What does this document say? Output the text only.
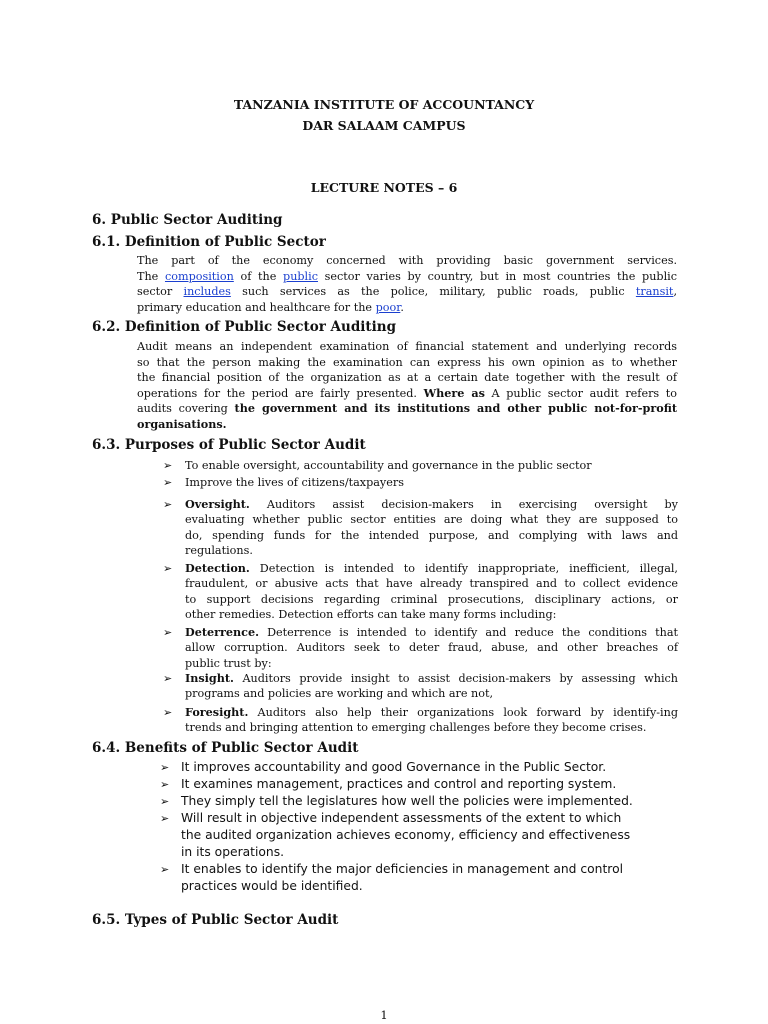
TANZANIA INSTITUTE OF ACCOUNTANCY
DAR SALAAM CAMPUS
LECTURE NOTES – 6
6. Public Sector Auditing
6.1. Definition of Public Sector
The part of the economy concerned with providing basic government services.
The composition of the public sector varies by country, but in most countries the public
sector includes such services as the police, military, public roads, public transit,
primary education and healthcare for the poor.
6.2. Definition of Public Sector Auditing
Audit means an independent examination of financial statement and underlying records
so that the person making the examination can express his own opinion as to whether
the financial position of the organization as at a certain date together with the result of
operations for the period are fairly presented. Where as A public sector audit refers to
audits covering the government and its institutions and other public not-for-profit
organisations.
6.3. Purposes of Public Sector Audit
➢ To enable oversight, accountability and governance in the public sector
➢ Improve the lives of citizens/taxpayers
➢ Oversight. Auditors assist decision-makers in exercising oversight by
evaluating whether public sector entities are doing what they are supposed to
do, spending funds for the intended purpose, and complying with laws and
regulations.
➢ Detection. Detection is intended to identify inappropriate, inefficient, illegal,
fraudulent, or abusive acts that have already transpired and to collect evidence
to support decisions regarding criminal prosecutions, disciplinary actions, or
other remedies. Detection efforts can take many forms including:
➢ Deterrence. Deterrence is intended to identify and reduce the conditions that
allow corruption. Auditors seek to deter fraud, abuse, and other breaches of
public trust by:
➢ Insight. Auditors provide insight to assist decision-makers by assessing which
programs and policies are working and which are not,
➢ Foresight. Auditors also help their organizations look forward by identify-ing
trends and bringing attention to emerging challenges before they become crises.
6.4. Benefits of Public Sector Audit
➢ It improves accountability and good Governance in the Public Sector.
➢ It examines management, practices and control and reporting system.
➢ They simply tell the legislatures how well the policies were implemented.
➢ Will result in objective independent assessments of the extent to which
the audited organization achieves economy, efficiency and effectiveness
in its operations.
➢ It enables to identify the major deficiencies in management and control
practices would be identified.
6.5. Types of Public Sector Audit
1
